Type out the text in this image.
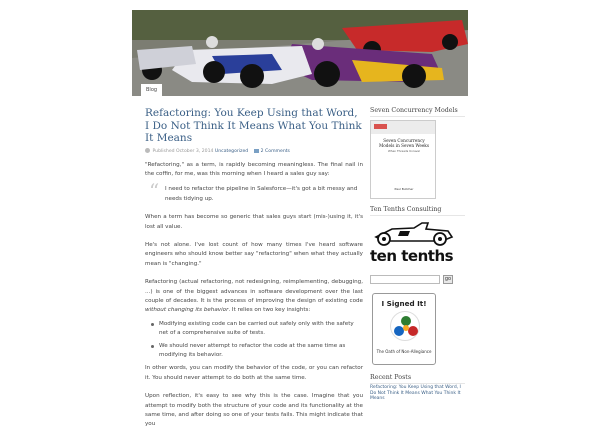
Blog
Refactoring: You Keep Using that Word, I Do Not Think It Means What You Think It Means
Published October 3, 2014 Uncategorized	2 Comments

"Refactoring," as a term, is rapidly becoming meaningless. The final nail in the coffin, for me, was this morning when I heard a sales guy say:

“ I need to refactor the pipeline in Salesforce—it's got a bit messy and needs tidying up.

When a term has become so generic that sales guys start (mis-)using it, it's lost all value.

He's not alone. I've lost count of how many times I've heard software engineers who should know better say "refactoring" when what they actually mean is "changing."

Refactoring (actual refactoring, not redesigning, reimplementing, debugging, ...) is one of the biggest advances in software development over the last couple of decades. It is the process of improving the design of existing code without changing its behavior. It relies on two key insights:

Modifying existing code can be carried out safely only with the safety net of a comprehensive suite of tests.
We should never attempt to refactor the code at the same time as modifying its behavior.

In other words, you can modify the behavior of the code, or you can refactor it. You should never attempt to do both at the same time.

Upon reflection, it's easy to see why this is the case. Imagine that you attempt to modify both the structure of your code and its functionality at the same time, and after doing so one of your tests fails. This might indicate that you

Seven Concurrency Models
Seven Concurrency Models in Seven Weeks
When Threads Unravel
Paul Butcher
Ten Tenths Consulting
ten tenths
go
I Signed It!
The Oath of Non-Allegiance
Recent Posts
Refactoring: You Keep Using that Word, I Do Not Think It Means What You Think It Means
